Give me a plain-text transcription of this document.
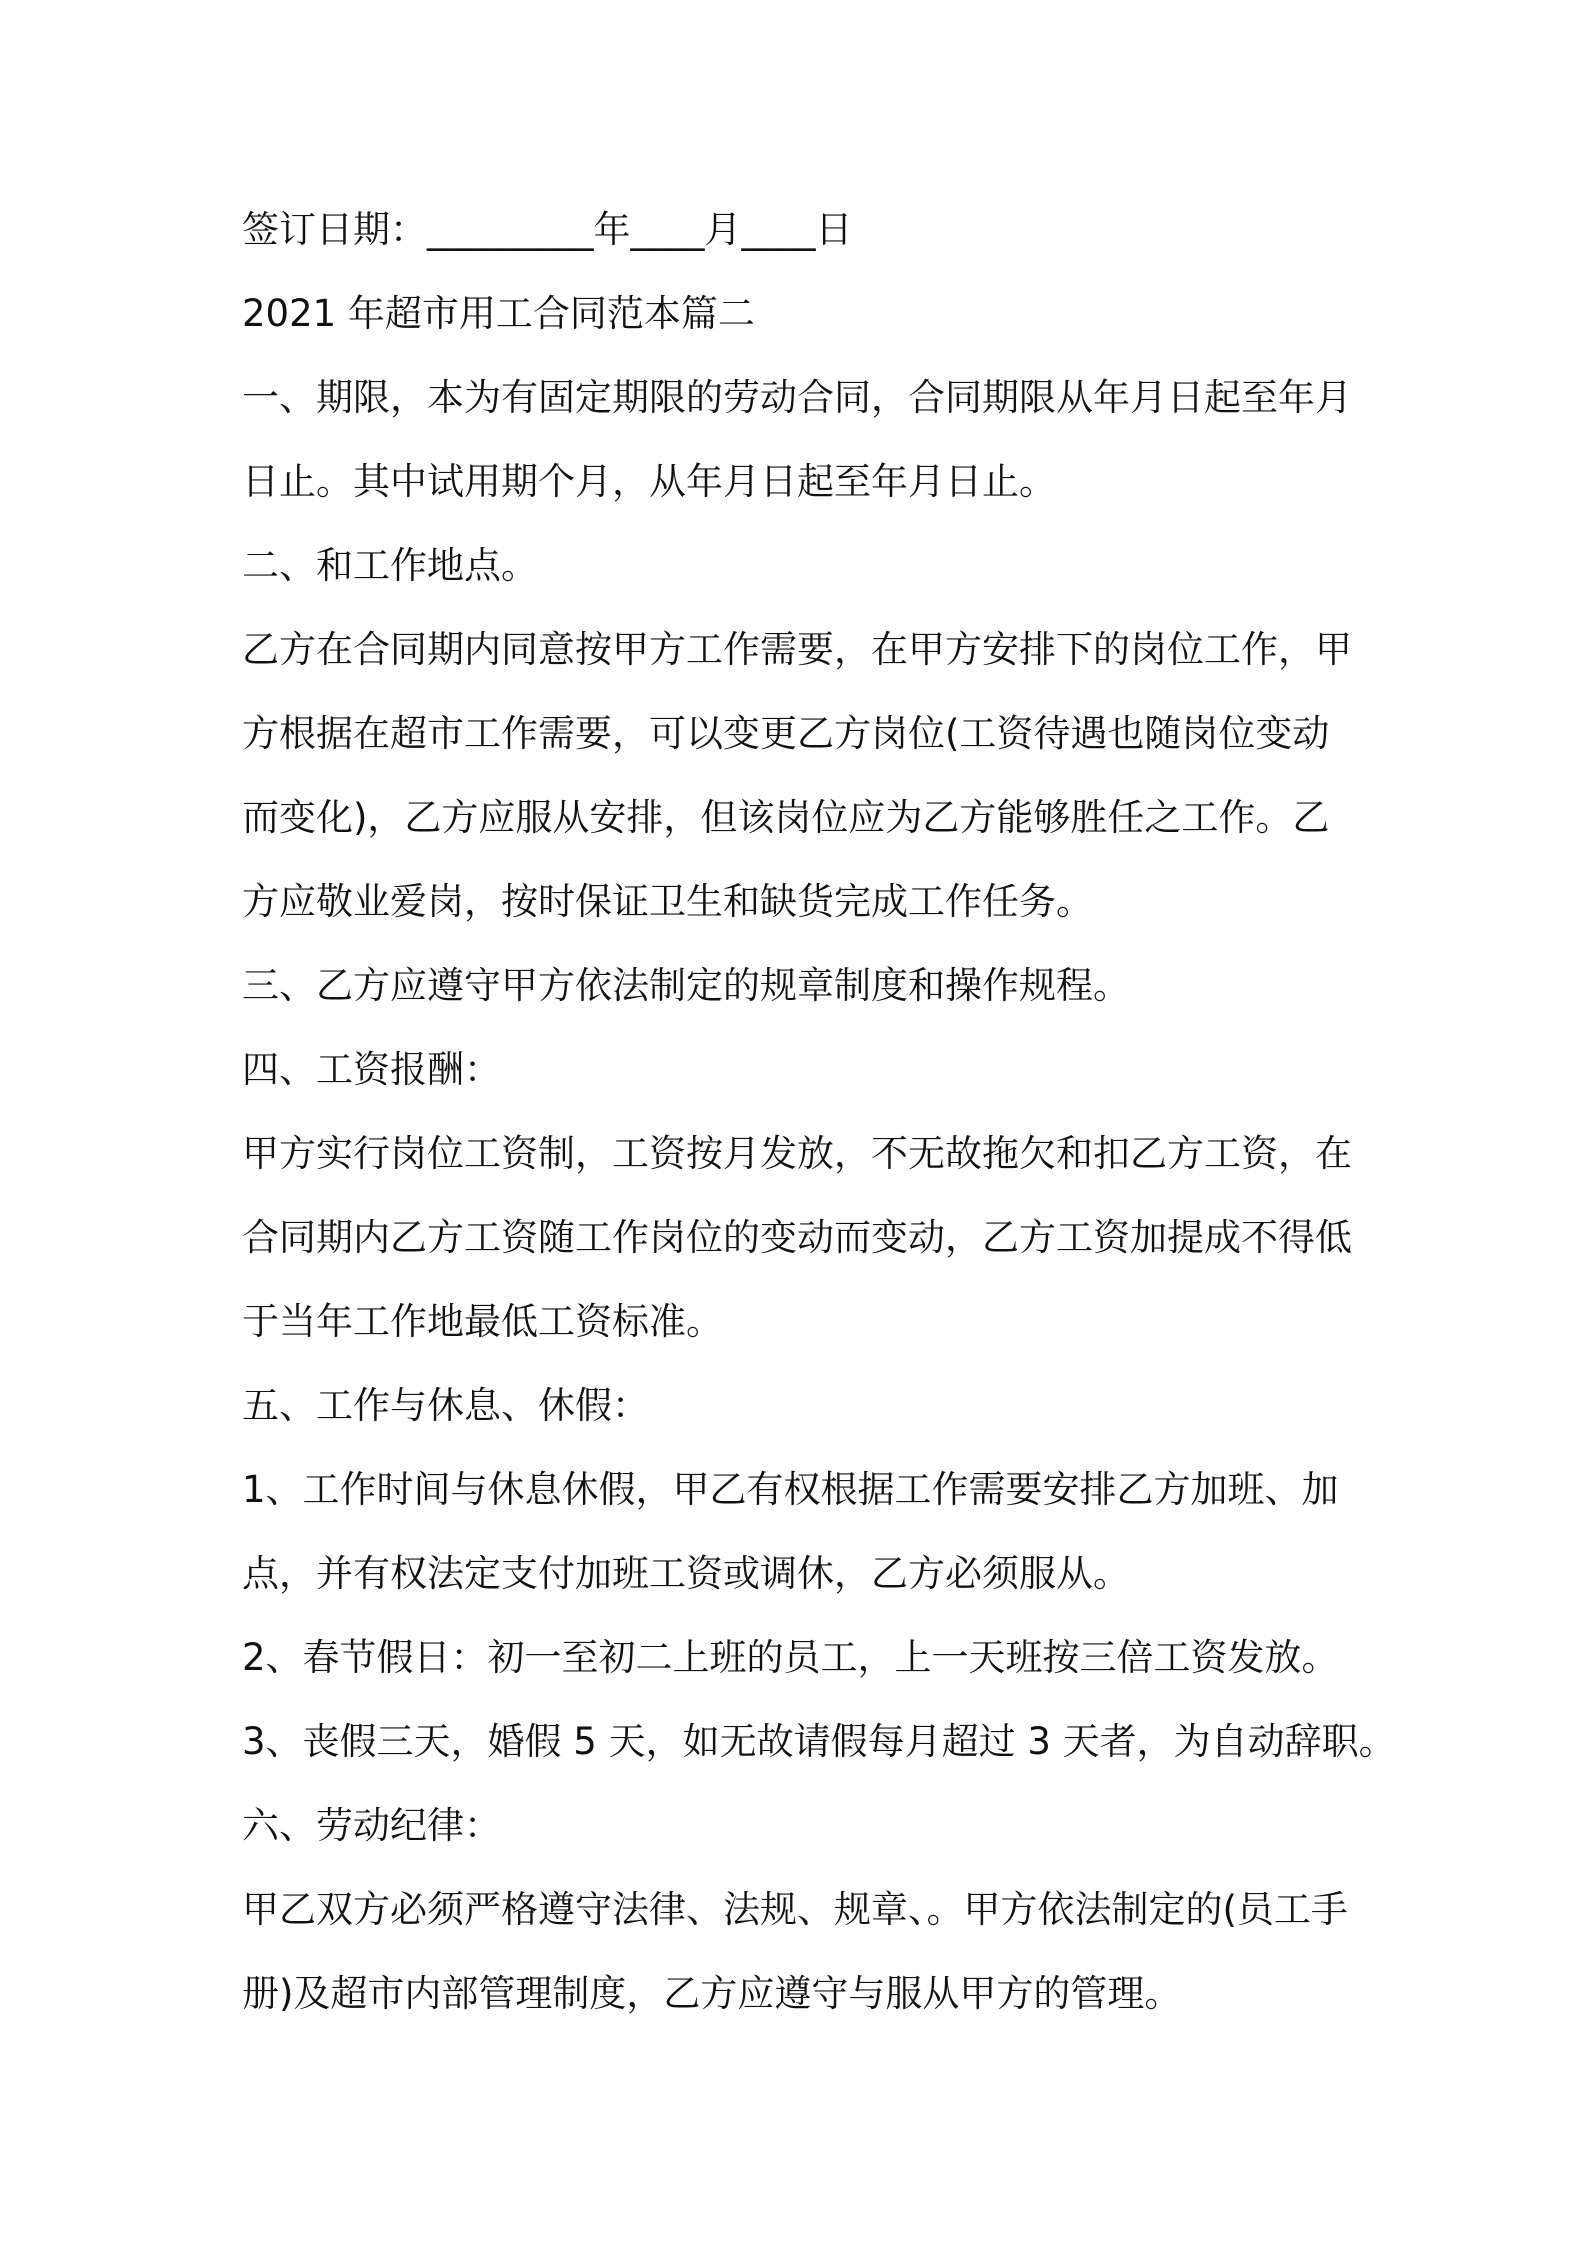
签订日期：_________年____月____日
2021 年超市用工合同范本篇二
一、期限，本为有固定期限的劳动合同，合同期限从年月日起至年月
日止。其中试用期个月，从年月日起至年月日止。
二、和工作地点。
乙方在合同期内同意按甲方工作需要，在甲方安排下的岗位工作，甲
方根据在超市工作需要，可以变更乙方岗位(工资待遇也随岗位变动
而变化)，乙方应服从安排，但该岗位应为乙方能够胜任之工作。乙
方应敬业爱岗，按时保证卫生和缺货完成工作任务。
三、乙方应遵守甲方依法制定的规章制度和操作规程。
四、工资报酬：
甲方实行岗位工资制，工资按月发放，不无故拖欠和扣乙方工资，在
合同期内乙方工资随工作岗位的变动而变动，乙方工资加提成不得低
于当年工作地最低工资标准。
五、工作与休息、休假：
1、工作时间与休息休假，甲乙有权根据工作需要安排乙方加班、加
点，并有权法定支付加班工资或调休，乙方必须服从。
2、春节假日：初一至初二上班的员工，上一天班按三倍工资发放。
3、丧假三天，婚假 5 天，如无故请假每月超过 3 天者，为自动辞职。
六、劳动纪律：
甲乙双方必须严格遵守法律、法规、规章、。甲方依法制定的(员工手
册)及超市内部管理制度，乙方应遵守与服从甲方的管理。
